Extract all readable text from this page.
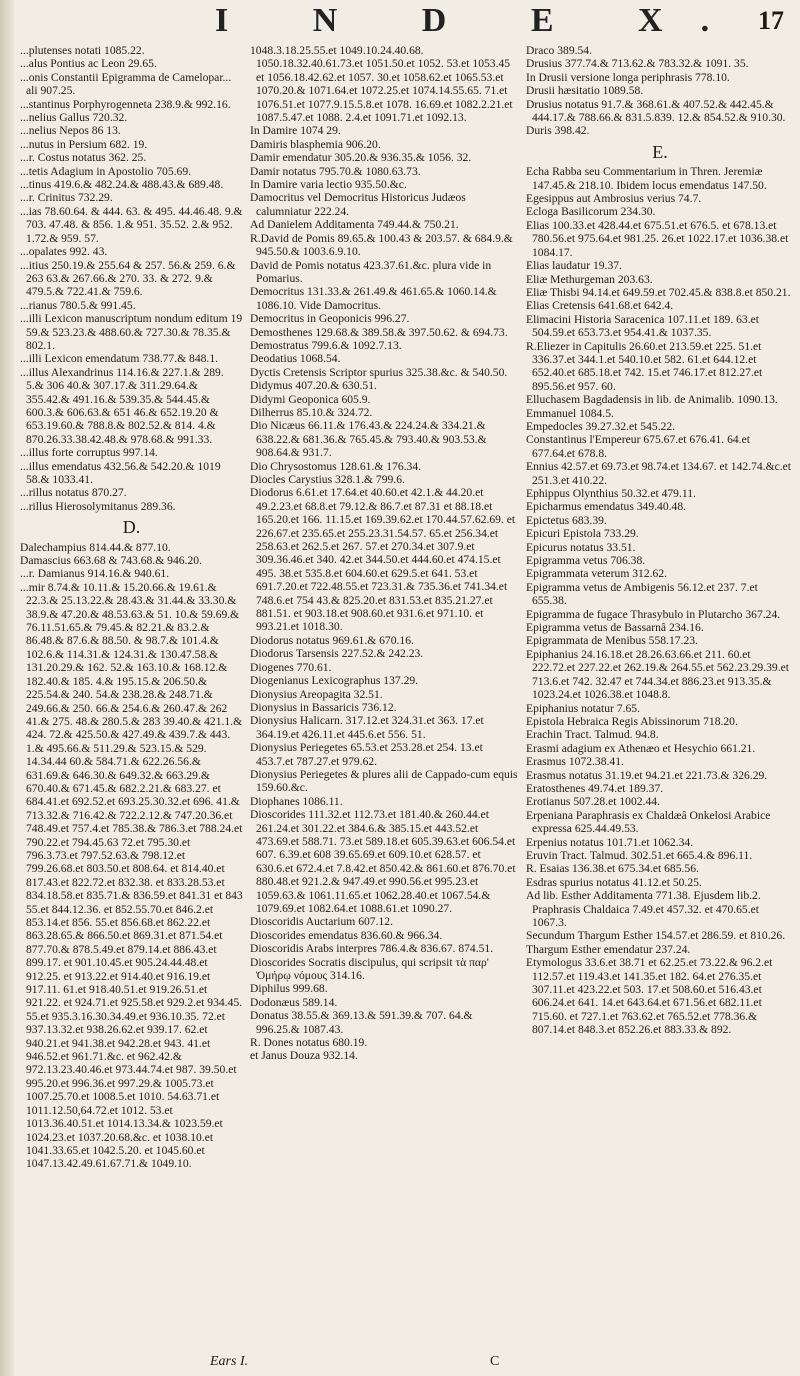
I N D E X. 17

...plutenses notati 1085.22.

...alus Pontius ac Leon 29.65.

...onis Constantii Epigramma de Camelopar... ali 907.25.

...stantinus Porphyrogenneta 238.9.& 992.16.

...nelius Gallus 720.32.

...nelius Nepos 86 13.

...nutus in Persium 682. 19.

...r. Costus notatus 362. 25.

...tetis Adagium in Apostolio 705.69.

...tinus 419.6.& 482.24.& 488.43.& 689.48.

...r. Crinitus 732.29.

...ias 78.60.64. & 444. 63. & 495. 44.46.48. 9.& 703. 47.48. & 856. 1.& 951. 35.52. 2.& 952. 1.72.& 959. 57.

...opalates 992. 43.

...itius 250.19.& 255.64 & 257. 56.& 259. 6.& 263 63.& 267.66.& 270. 33. & 272. 9.& 479.5.& 722.41.& 759.6.

...rianus 780.5.& 991.45.

...illi Lexicon manuscriptum nondum editum 19 59.& 523.23.& 488.60.& 727.30.& 78.35.& 802.1.

...illi Lexicon emendatum 738.77.& 848.1.

...illus Alexandrinus 114.16.& 227.1.& 289. 5.& 306 40.& 307.17.& 311.29.64.& 355.42.& 491.16.& 539.35.& 544.45.& 600.3.& 606.63.& 651 46.& 652.19.20 & 653.19.60.& 788.8.& 802.52.& 814. 4.& 870.26.33.38.42.48.& 978.68.& 991.33.

...illus forte corruptus 997.14.

...illus emendatus 432.56.& 542.20.& 1019 58.& 1033.41.

...rillus notatus 870.27.

...rillus Hierosolymitanus 289.36.

D.

Dalechampius 814.44.& 877.10.

Damascius 663.68 & 743.68.& 946.20.

...r. Damianus 914.16.& 940.61.

...mir 8.74.& 10.11.& 15.20.66.& 19.61.& 22.3.& 25.13.22.& 28.43.& 31.44.& 33.30.& 38.9.& 47.20.& 48.53.63.& 51. 10.& 59.69.& 76.11.51.65.& 79.45.& 82.21.& 83.2.& 86.48.& 87.6.& 88.50. & 98.7.& 101.4.& 102.6.& 114.31.& 124.31.& 130.47.58.& 131.20.29.& 162. 52.& 163.10.& 168.12.& 182.40.& 185. 4.& 195.15.& 206.50.& 225.54.& 240. 54.& 238.28.& 248.71.& 249.66.& 250. 66.& 254.6.& 260.47.& 262 41.& 275. 48.& 280.5.& 283 39.40.& 421.1.& 424. 72.& 425.50.& 427.49.& 439.7.& 443. 1.& 495.66.& 511.29.& 523.15.& 529. 14.34.44 60.& 584.71.& 622.26.56.& 631.69.& 646.30.& 649.32.& 663.29.& 670.40.& 671.45.& 682.2.21.& 683.27. et 684.41.et 692.52.et 693.25.30.32.et 696. 41.& 713.32.& 716.42.& 722.2.12.& 747.20.36.et 748.49.et 757.4.et 785.38.& 786.3.et 788.24.et 790.22.et 794.45.63 72.et 795.30.et 796.3.73.et 797.52.63.& 798.12.et 799.26.68.et 803.50.et 808.64. et 814.40.et 817.43.et 822.72.et 832.38. et 833.28.53.et 834.18.58.et 835.71.& 836.59.et 841.31 et 843 55.et 844.12.36. et 852.55.70.et 846.2.et 853.14.et 856. 55.et 856.68.et 862.22.et 863.28.65.& 866.50.et 869.31.et 871.54.et 877.70.& 878.5.49.et 879.14.et 886.43.et 899.17. et 901.10.45.et 905.24.44.48.et 912.25. et 913.22.et 914.40.et 916.19.et 917.11. 61.et 918.40.51.et 919.26.51.et 921.22. et 924.71.et 925.58.et 929.2.et 934.45. 55.et 935.3.16.30.34.49.et 936.10.35. 72.et 937.13.32.et 938.26.62.et 939.17. 62.et 940.21.et 941.38.et 942.28.et 943. 41.et 946.52.et 961.71.&c. et 962.42.& 972.13.23.40.46.et 973.44.74.et 987. 39.50.et 995.20.et 996.36.et 997.29.& 1005.73.et 1007.25.70.et 1008.5.et 1010. 54.63.71.et 1011.12.50,64.72.et 1012. 53.et 1013.36.40.51.et 1014.13.34.& 1023.59.et 1024.23.et 1037.20.68.&c. et 1038.10.et 1041.33.65.et 1042.5.20. et 1045.60.et 1047.13.42.49.61.67.71.& 1049.10.

1048.3.18.25.55.et 1049.10.24.40.68. 1050.18.32.40.61.73.et 1051.50.et 1052. 53.et 1053.45 et 1056.18.42.62.et 1057. 30.et 1058.62.et 1065.53.et 1070.20.& 1071.64.et 1072.25.et 1074.14.55.65. 71.et 1076.51.et 1077.9.15.5.8.et 1078. 16.69.et 1082.2.21.et 1087.5.47.et 1088. 2.4.et 1091.71.et 1092.13.

In Damire 1074 29.

Damiris blasphemia 906.20.

Damir emendatur 305.20.& 936.35.& 1056. 32.

Damir notatus 795.70.& 1080.63.73.

In Damire varia lectio 935.50.&c.

Damocritus vel Democritus Historicus Judæos calumniatur 222.24.

Ad Danielem Additamenta 749.44.& 750.21.

R.David de Pomis 89.65.& 100.43 & 203.57. & 684.9.& 945.50.& 1003.6.9.10.

David de Pomis notatus 423.37.61.&c. plura vide in Pomarius.

Democritus 131.33.& 261.49.& 461.65.& 1060.14.& 1086.10. Vide Damocritus.

Democritus in Geoponicis 996.27.

Demosthenes 129.68.& 389.58.& 397.50.62. & 694.73.

Demostratus 799.6.& 1092.7.13.

Deodatius 1068.54.

Dyctis Cretensis Scriptor spurius 325.38.&c. & 540.50.

Didymus 407.20.& 630.51.

Didymi Geoponica 605.9.

Dilherrus 85.10.& 324.72.

Dio Nicæus 66.11.& 176.43.& 224.24.& 334.21.& 638.22.& 681.36.& 765.45.& 793.40.& 903.53.& 908.64.& 931.7.

Dio Chrysostomus 128.61.& 176.34.

Diocles Carystius 328.1.& 799.6.

Diodorus 6.61.et 17.64.et 40.60.et 42.1.& 44.20.et 49.2.23.et 68.8.et 79.12.& 86.7.et 87.31 et 88.18.et 165.20.et 166. 11.15.et 169.39.62.et 170.44.57.62.69. et 226.67.et 235.65.et 255.23.31.54.57. 65.et 256.34.et 258.63.et 262.5.et 267. 57.et 270.34.et 307.9.et 309.36.46.et 340. 42.et 344.50.et 444.60.et 474.15.et 495. 38.et 535.8.et 604.60.et 629.5.et 641. 53.et 691.7.20.et 722.48.55.et 723.31.& 735.36.et 741.34.et 748.6.et 754 43.& 825.20.et 831.53.et 835.21.27.et 881.51. et 903.18.et 908.60.et 931.6.et 971.10. et 993.21.et 1018.30.

Diodorus notatus 969.61.& 670.16.

Diodorus Tarsensis 227.52.& 242.23.

Diogenes 770.61.

Diogenianus Lexicographus 137.29.

Dionysius Areopagita 32.51.

Dionysius in Bassaricis 736.12.

Dionysius Halicarn. 317.12.et 324.31.et 363. 17.et 364.19.et 426.11.et 445.6.et 556. 51.

Dionysius Periegetes 65.53.et 253.28.et 254. 13.et 453.7.et 787.27.et 979.62.

Dionysius Periegetes & plures alii de Cappado-cum equis 159.60.&c.

Diophanes 1086.11.

Dioscorides 111.32.et 112.73.et 181.40.& 260.44.et 261.24.et 301.22.et 384.6.& 385.15.et 443.52.et 473.69.et 588.71. 73.et 589.18.et 605.39.63.et 606.54.et 607. 6.39.et 608 39.65.69.et 609.10.et 628.57. et 630.6.et 672.4.et 7.8.42.et 850.42.& 861.60.et 876.70.et 880.48.et 921.2.& 947.49.et 990.56.et 995.23.et 1059.63.& 1061.11.65.et 1062.28.40.et 1067.54.& 1079.69.et 1082.64.et 1088.61.et 1090.27.

Dioscoridis Auctarium 607.12.

Dioscorides emendatus 836.60.& 966.34.

Dioscoridis Arabs interpres 786.4.& 836.67. 874.51.

Dioscorides Socratis discipulus, qui scripsit τὰ παρ' Ὁμήρῳ νόμους 314.16.

Diphilus 999.68.

Dodonæus 589.14.

Donatus 38.55.& 369.13.& 591.39.& 707. 64.& 996.25.& 1087.43.

R. Dones notatus 680.19.

et Janus Douza 932.14.

Draco 389.54.

Drusius 377.74.& 713.62.& 783.32.& 1091. 35.

In Drusii versione longa periphrasis 778.10.

Drusii hæsitatio 1089.58.

Drusius notatus 91.7.& 368.61.& 407.52.& 442.45.& 444.17.& 788.66.& 831.5.839. 12.& 854.52.& 910.30.

Duris 398.42.

E.

Echa Rabba seu Commentarium in Thren. Jeremiæ 147.45.& 218.10. Ibidem locus emendatus 147.50.

Egesippus aut Ambrosius verius 74.7.

Ecloga Basilicorum 234.30.

Elias 100.33.et 428.44.et 675.51.et 676.5. et 678.13.et 780.56.et 975.64.et 981.25. 26.et 1022.17.et 1036.38.et 1084.17.

Elias laudatur 19.37.

Eliæ Methurgeman 203.63.

Eliæ Thisbi 94.14.et 649.59.et 702.45.& 838.8.et 850.21.

Elias Cretensis 641.68.et 642.4.

Elimacini Historia Saracenica 107.11.et 189. 63.et 504.59.et 653.73.et 954.41.& 1037.35.

R.Eliezer in Capitulis 26.60.et 213.59.et 225. 51.et 336.37.et 344.1.et 540.10.et 582. 61.et 644.12.et 652.40.et 685.18.et 742. 15.et 746.17.et 812.27.et 895.56.et 957. 60.

Elluchasem Bagdadensis in lib. de Animalib. 1090.13.

Emmanuel 1084.5.

Empedocles 39.27.32.et 545.22.

Constantinus l'Empereur 675.67.et 676.41. 64.et 677.64.et 678.8.

Ennius 42.57.et 69.73.et 98.74.et 134.67. et 142.74.&c.et 251.3.et 410.22.

Ephippus Olynthius 50.32.et 479.11.

Epicharmus emendatus 349.40.48.

Epictetus 683.39.

Epicuri Epistola 733.29.

Epicurus notatus 33.51.

Epigramma vetus 706.38.

Epigrammata veterum 312.62.

Epigramma vetus de Ambigenis 56.12.et 237. 7.et 655.38.

Epigramma de fugace Thrasybulo in Plutarcho 367.24.

Epigramma vetus de Bassarnâ 234.16.

Epigrammata de Menibus 558.17.23.

Epiphanius 24.16.18.et 28.26.63.66.et 211. 60.et 222.72.et 227.22.et 262.19.& 264.55.et 562.23.29.39.et 713.6.et 742. 32.47 et 744.34.et 886.23.et 913.35.& 1023.24.et 1026.38.et 1048.8.

Epiphanius notatur 7.65.

Epistola Hebraica Regis Abissinorum 718.20.

Erachin Tract. Talmud. 94.8.

Erasmi adagium ex Athenæo et Hesychio 661.21.

Erasmus 1072.38.41.

Erasmus notatus 31.19.et 94.21.et 221.73.& 326.29.

Eratosthenes 49.74.et 189.37.

Erotianus 507.28.et 1002.44.

Erpeniana Paraphrasis ex Chaldæâ Onkelosi Arabice expressa 625.44.49.53.

Erpenius notatus 101.71.et 1062.34.

Eruvin Tract. Talmud. 302.51.et 665.4.& 896.11.

R. Esaias 136.38.et 675.34.et 685.56.

Esdras spurius notatus 41.12.et 50.25.

Ad lib. Esther Additamenta 771.38. Ejusdem lib.2. Praphrasis Chaldaica 7.49.et 457.32. et 470.65.et 1067.3.

Secundum Thargum Esther 154.57.et 286.59. et 810.26.

Thargum Esther emendatur 237.24.

Etymologus 33.6.et 38.71 et 62.25.et 73.22.& 96.2.et 112.57.et 119.43.et 141.35.et 182. 64.et 276.35.et 307.11.et 423.22.et 503. 17.et 508.60.et 516.43.et 606.24.et 641. 14.et 643.64.et 671.56.et 682.11.et 715.60. et 727.1.et 763.62.et 765.52.et 778.36.& 807.14.et 848.3.et 852.26.et 883.33.& 892.

Ears I.	C
